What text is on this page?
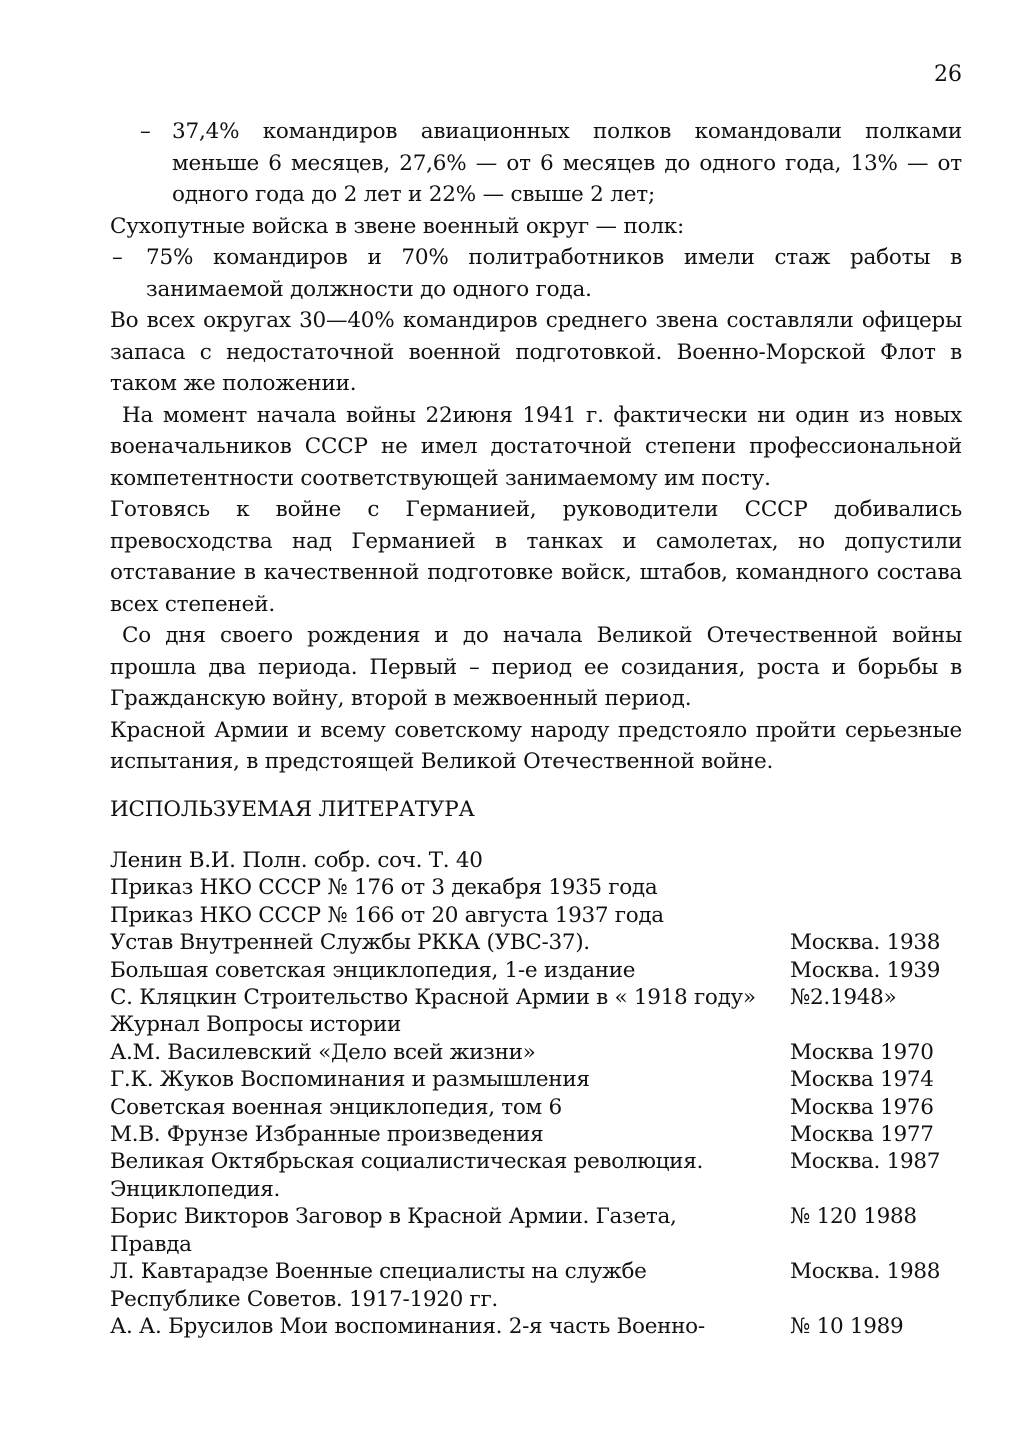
26

– 37,4% командиров авиационных полков командовали полками меньше 6 месяцев, 27,6% — от 6 месяцев до одного года, 13% — от одного года до 2 лет и 22% — свыше 2 лет;

Сухопутные войска в звене военный округ — полк:

– 75% командиров и 70% политработников имели стаж работы в занимаемой должности до одного года.

Во всех округах 30—40% командиров среднего звена составляли офицеры запаса с недостаточной военной подготовкой. Военно-Морской Флот в таком же положении.

На момент начала войны 22июня 1941 г. фактически ни один из новых военачальников СССР не имел достаточной степени профессиональной компетентности соответствующей занимаемому им посту.

Готовясь к войне с Германией, руководители СССР добивались превосходства над Германией в танках и самолетах, но допустили отставание в качественной подготовке войск, штабов, командного состава всех степеней.

Со дня своего рождения и до начала Великой Отечественной войны прошла два периода. Первый – период ее созидания, роста и борьбы в Гражданскую войну, второй в межвоенный период.

Красной Армии и всему советскому народу предстояло пройти серьезные испытания, в предстоящей Великой Отечественной войне.

ИСПОЛЬЗУЕМАЯ ЛИТЕРАТУРА
Ленин В.И. Полн. собр. соч. Т. 40
Приказ НКО СССР № 176 от 3 декабря 1935 года
Приказ НКО СССР № 166 от 20 августа 1937 года
Устав Внутренней Службы РККА (УВС-37).	Москва. 1938
Большая советская энциклопедия, 1-е издание	Москва. 1939
С. Кляцкин Строительство Красной Армии в « 1918 году»	№2.1948»
Журнал Вопросы истории
А.М. Василевский «Дело всей жизни»	Москва 1970
Г.К. Жуков Воспоминания и размышления	Москва 1974
Советская военная энциклопедия, том 6	Москва 1976
М.В. Фрунзе Избранные произведения	Москва 1977
Великая Октябрьская социалистическая революция.	Москва. 1987
Энциклопедия.
Борис Викторов Заговор в Красной Армии. Газета,	№ 120 1988
Правда
Л. Кавтарадзе Военные специалисты на службе	Москва. 1988
Республике Советов. 1917-1920 гг.
А. А. Брусилов Мои воспоминания. 2-я часть Военно-	№ 10 1989
